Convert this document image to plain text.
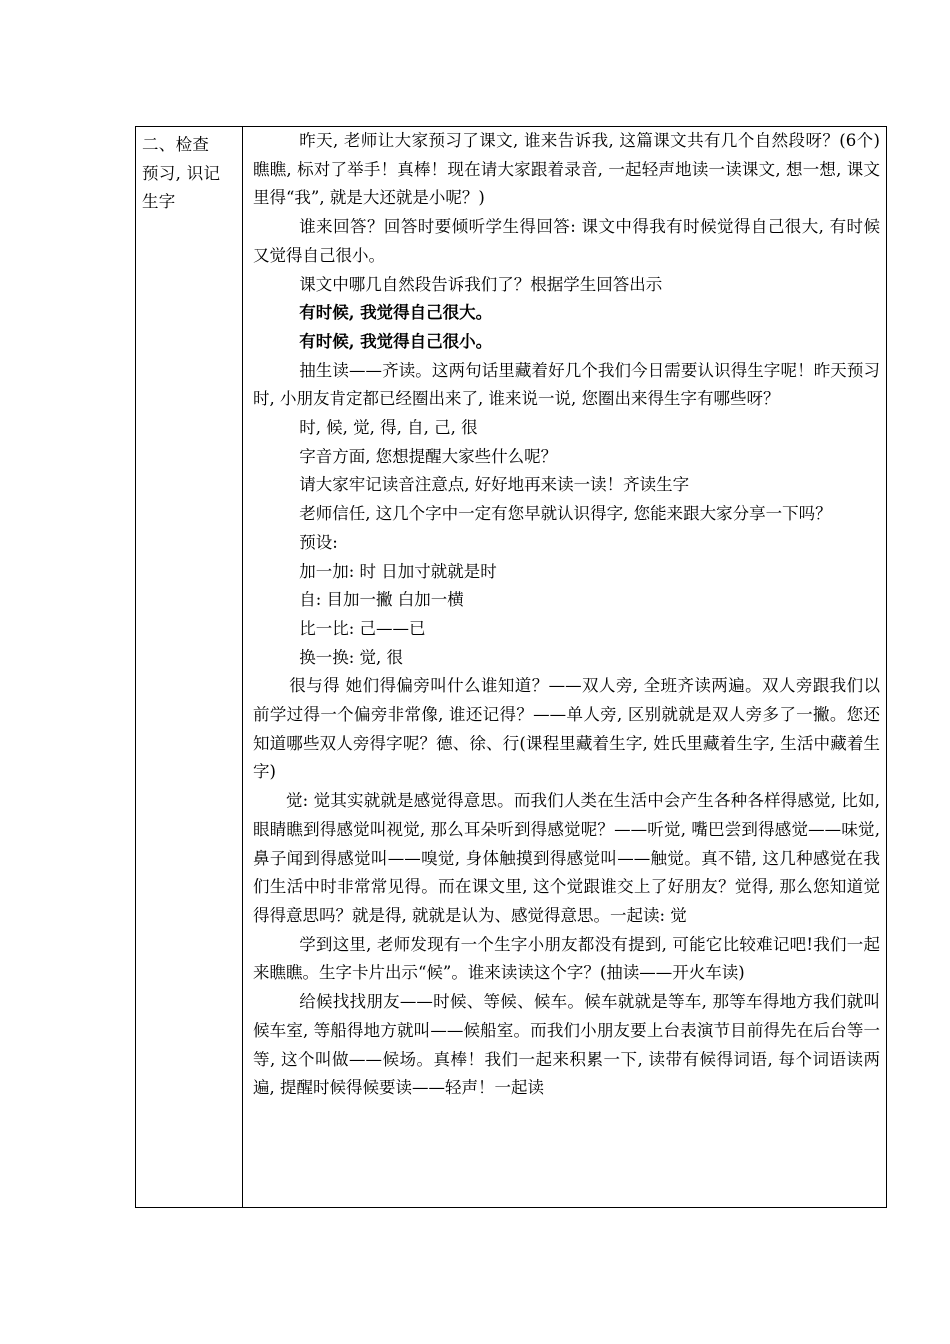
二、检查
预习, 识记
生字

昨天, 老师让大家预习了课文, 谁来告诉我, 这篇课文共有几个自然段呀？(6个)瞧瞧, 标对了举手！真棒！现在请大家跟着录音, 一起轻声地读一读课文, 想一想, 课文里得“我”, 就是大还就是小呢？)

谁来回答？回答时要倾听学生得回答: 课文中得我有时候觉得自己很大, 有时候又觉得自己很小。

课文中哪几自然段告诉我们了？根据学生回答出示

有时候, 我觉得自己很大。

有时候, 我觉得自己很小。

抽生读——齐读。这两句话里藏着好几个我们今日需要认识得生字呢！昨天预习时, 小朋友肯定都已经圈出来了, 谁来说一说, 您圈出来得生字有哪些呀？

时, 候, 觉, 得, 自, 己, 很

字音方面, 您想提醒大家些什么呢？

请大家牢记读音注意点, 好好地再来读一读！齐读生字

老师信任, 这几个字中一定有您早就认识得字, 您能来跟大家分享一下吗？

预设:

加一加: 时 日加寸就就是时

自: 目加一撇 白加一横

比一比: 己——已

换一换: 觉, 很

很与得 她们得偏旁叫什么谁知道？——双人旁, 全班齐读两遍。双人旁跟我们以前学过得一个偏旁非常像, 谁还记得？——单人旁, 区别就就是双人旁多了一撇。您还知道哪些双人旁得字呢？德、徐、行(课程里藏着生字, 姓氏里藏着生字, 生活中藏着生字)

觉: 觉其实就就是感觉得意思。而我们人类在生活中会产生各种各样得感觉, 比如, 眼睛瞧到得感觉叫视觉, 那么耳朵听到得感觉呢？——听觉, 嘴巴尝到得感觉——味觉, 鼻子闻到得感觉叫——嗅觉, 身体触摸到得感觉叫——触觉。真不错, 这几种感觉在我们生活中时非常常见得。而在课文里, 这个觉跟谁交上了好朋友？觉得, 那么您知道觉得得意思吗？就是得, 就就是认为、感觉得意思。一起读: 觉

学到这里, 老师发现有一个生字小朋友都没有提到, 可能它比较难记吧!我们一起来瞧瞧。生字卡片出示“候”。谁来读读这个字？(抽读——开火车读)

给候找找朋友——时候、等候、候车。候车就就是等车, 那等车得地方我们就叫候车室, 等船得地方就叫——候船室。而我们小朋友要上台表演节目前得先在后台等一等, 这个叫做——候场。真棒！我们一起来积累一下, 读带有候得词语, 每个词语读两遍, 提醒时候得候要读——轻声！一起读
